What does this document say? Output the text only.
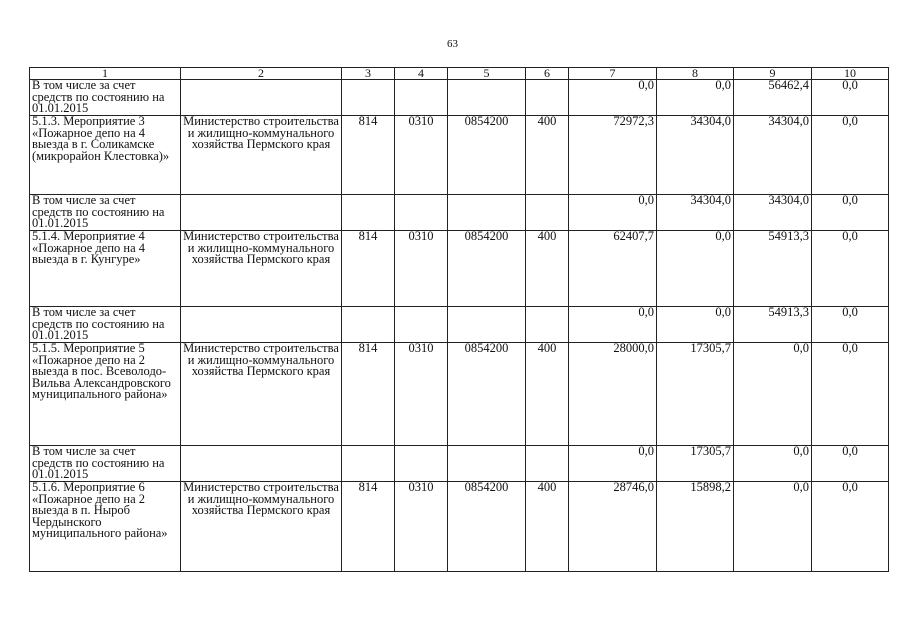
63
1	2	3	4	5	6	7	8	9	10
В том числе за счет средств по состоянию на 01.01.2015						0,0	0,0	56462,4	0,0
5.1.3. Мероприятие 3 «Пожарное депо на 4 выезда в г. Соликамске (микрорайон Клестовка)»	Министерство строительства и жилищно-коммунального хозяйства Пермского края	814	0310	0854200	400	72972,3	34304,0	34304,0	0,0
В том числе за счет средств по состоянию на 01.01.2015						0,0	34304,0	34304,0	0,0
5.1.4. Мероприятие 4 «Пожарное депо на 4 выезда в г. Кунгуре»	Министерство строительства и жилищно-коммунального хозяйства Пермского края	814	0310	0854200	400	62407,7	0,0	54913,3	0,0
В том числе за счет средств по состоянию на 01.01.2015						0,0	0,0	54913,3	0,0
5.1.5. Мероприятие 5 «Пожарное депо на 2 выезда в пос. Всеволодо-Вильва Александровского муниципального района»	Министерство строительства и жилищно-коммунального хозяйства Пермского края	814	0310	0854200	400	28000,0	17305,7	0,0	0,0
В том числе за счет средств по состоянию на 01.01.2015						0,0	17305,7	0,0	0,0
5.1.6. Мероприятие 6 «Пожарное депо на 2 выезда в п. Ныроб Чердынского муниципального района»	Министерство строительства и жилищно-коммунального хозяйства Пермского края	814	0310	0854200	400	28746,0	15898,2	0,0	0,0
